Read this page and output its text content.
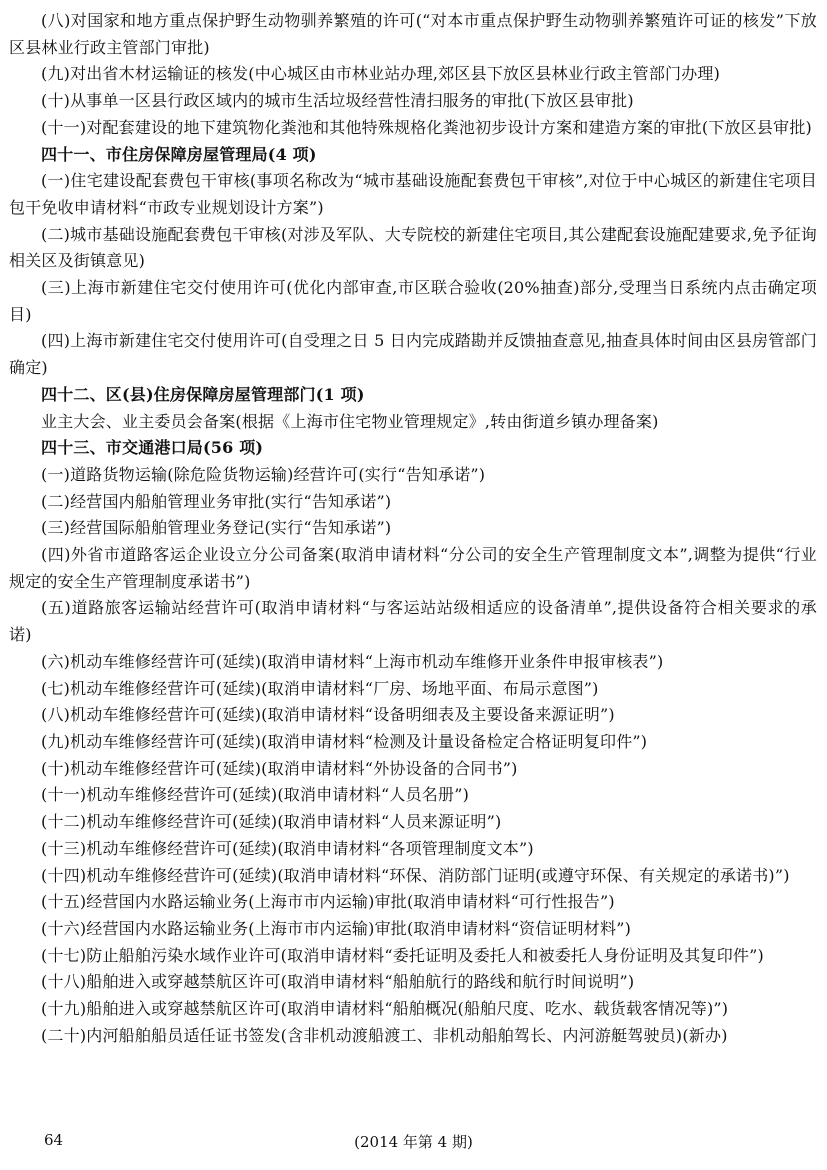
(八)对国家和地方重点保护野生动物驯养繁殖的许可(“对本市重点保护野生动物驯养繁殖许可证的核发”下放区县林业行政主管部门审批)

(九)对出省木材运输证的核发(中心城区由市林业站办理,郊区县下放区县林业行政主管部门办理)

(十)从事单一区县行政区域内的城市生活垃圾经营性清扫服务的审批(下放区县审批)

(十一)对配套建设的地下建筑物化粪池和其他特殊规格化粪池初步设计方案和建造方案的审批(下放区县审批)

四十一、市住房保障房屋管理局(4 项)

(一)住宅建设配套费包干审核(事项名称改为“城市基础设施配套费包干审核”,对位于中心城区的新建住宅项目包干免收申请材料“市政专业规划设计方案”)

(二)城市基础设施配套费包干审核(对涉及军队、大专院校的新建住宅项目,其公建配套设施配建要求,免予征询相关区及街镇意见)

(三)上海市新建住宅交付使用许可(优化内部审查,市区联合验收(20%抽查)部分,受理当日系统内点击确定项目)

(四)上海市新建住宅交付使用许可(自受理之日 5 日内完成踏勘并反馈抽查意见,抽查具体时间由区县房管部门确定)

四十二、区(县)住房保障房屋管理部门(1 项)

业主大会、业主委员会备案(根据《上海市住宅物业管理规定》,转由街道乡镇办理备案)

四十三、市交通港口局(56 项)

(一)道路货物运输(除危险货物运输)经营许可(实行“告知承诺”)

(二)经营国内船舶管理业务审批(实行“告知承诺”)

(三)经营国际船舶管理业务登记(实行“告知承诺”)

(四)外省市道路客运企业设立分公司备案(取消申请材料“分公司的安全生产管理制度文本”,调整为提供“行业规定的安全生产管理制度承诺书”)

(五)道路旅客运输站经营许可(取消申请材料“与客运站站级相适应的设备清单”,提供设备符合相关要求的承诺)

(六)机动车维修经营许可(延续)(取消申请材料“上海市机动车维修开业条件申报审核表”)

(七)机动车维修经营许可(延续)(取消申请材料“厂房、场地平面、布局示意图”)

(八)机动车维修经营许可(延续)(取消申请材料“设备明细表及主要设备来源证明”)

(九)机动车维修经营许可(延续)(取消申请材料“检测及计量设备检定合格证明复印件”)

(十)机动车维修经营许可(延续)(取消申请材料“外协设备的合同书”)

(十一)机动车维修经营许可(延续)(取消申请材料“人员名册”)

(十二)机动车维修经营许可(延续)(取消申请材料“人员来源证明”)

(十三)机动车维修经营许可(延续)(取消申请材料“各项管理制度文本”)

(十四)机动车维修经营许可(延续)(取消申请材料“环保、消防部门证明(或遵守环保、有关规定的承诺书)”)

(十五)经营国内水路运输业务(上海市市内运输)审批(取消申请材料“可行性报告”)

(十六)经营国内水路运输业务(上海市市内运输)审批(取消申请材料“资信证明材料”)

(十七)防止船舶污染水域作业许可(取消申请材料“委托证明及委托人和被委托人身份证明及其复印件”)

(十八)船舶进入或穿越禁航区许可(取消申请材料“船舶航行的路线和航行时间说明”)

(十九)船舶进入或穿越禁航区许可(取消申请材料“船舶概况(船舶尺度、吃水、载货载客情况等)”)

(二十)内河船舶船员适任证书签发(含非机动渡船渡工、非机动船舶驾长、内河游艇驾驶员)(新办)

64	(2014 年第 4 期)
